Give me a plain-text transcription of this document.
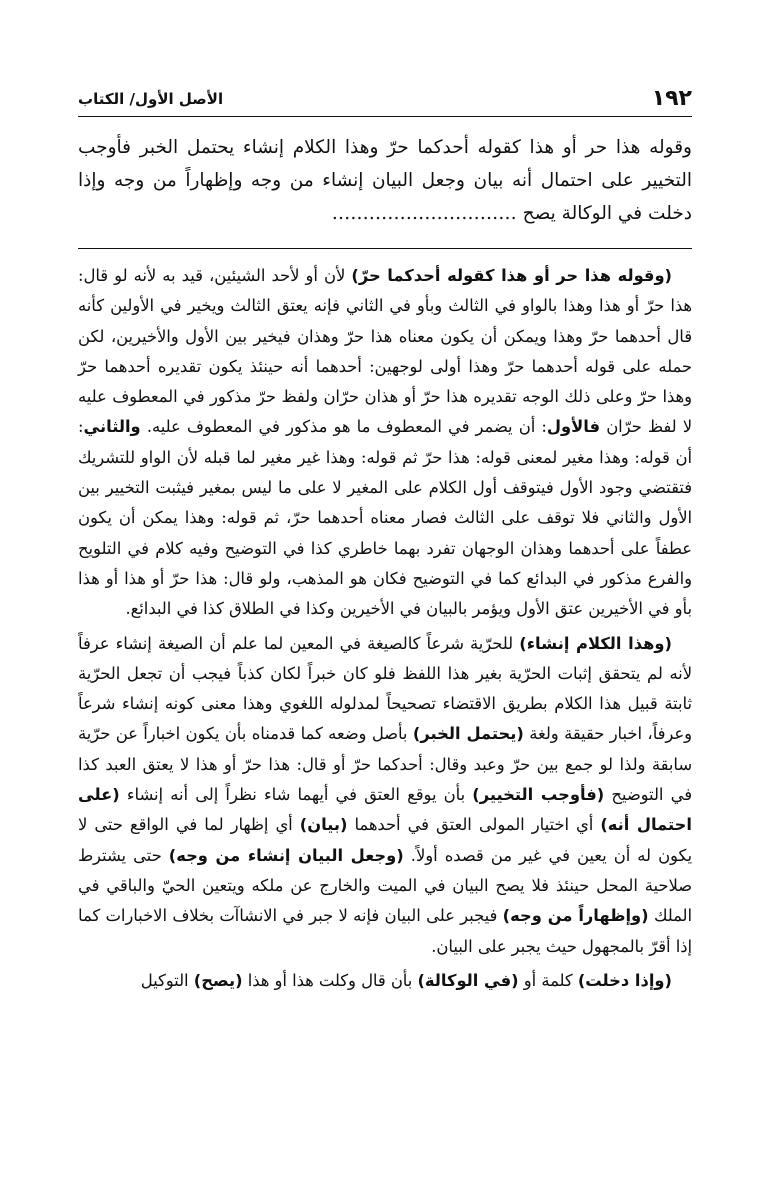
١٩٢
الأصل الأول/ الكتاب
وقوله هذا حر أو هذا كقوله أحدكما حرّ وهذا الكلام إنشاء يحتمل الخبر فأوجب التخيير على احتمال أنه بيان وجعل البيان إنشاء من وجه وإظهاراً من وجه وإذا دخلت في الوكالة يصح …………………………

(وقوله هذا حر أو هذا كقوله أحدكما حرّ) لأن أو لأحد الشيئين، قيد به لأنه لو قال: هذا حرّ أو هذا وهذا بالواو في الثالث وبأو في الثاني فإنه يعتق الثالث ويخير في الأولين كأنه قال أحدهما حرّ وهذا ويمكن أن يكون معناه هذا حرّ وهذان فيخير بين الأول والأخيرين، لكن حمله على قوله أحدهما حرّ وهذا أولى لوجهين: أحدهما أنه حينئذ يكون تقديره أحدهما حرّ وهذا حرّ وعلى ذلك الوجه تقديره هذا حرّ أو هذان حرّان ولفظ حرّ مذكور في المعطوف عليه لا لفظ حرّان فالأول: أن يضمر في المعطوف ما هو مذكور في المعطوف عليه. والثاني: أن قوله: وهذا مغير لمعنى قوله: هذا حرّ ثم قوله: وهذا غير مغير لما قبله لأن الواو للتشريك فتقتضي وجود الأول فيتوقف أول الكلام على المغير لا على ما ليس بمغير فيثبت التخيير بين الأول والثاني فلا توقف على الثالث فصار معناه أحدهما حرّ، ثم قوله: وهذا يمكن أن يكون عطفاً على أحدهما وهذان الوجهان تفرد بهما خاطري كذا في التوضيح وفيه كلام في التلويح والفرع مذكور في البدائع كما في التوضيح فكان هو المذهب، ولو قال: هذا حرّ أو هذا أو هذا بأو في الأخيرين عتق الأول ويؤمر بالبيان في الأخيرين وكذا في الطلاق كذا في البدائع.

(وهذا الكلام إنشاء) للحرّية شرعاً كالصيغة في المعين لما علم أن الصيغة إنشاء عرفاً لأنه لم يتحقق إثبات الحرّية بغير هذا اللفظ فلو كان خبراً لكان كذباً فيجب أن تجعل الحرّية ثابتة قبيل هذا الكلام بطريق الاقتضاء تصحيحاً لمدلوله اللغوي وهذا معنى كونه إنشاء شرعاً وعرفاً، اخبار حقيقة ولغة (يحتمل الخبر) بأصل وضعه كما قدمناه بأن يكون اخباراً عن حرّية سابقة ولذا لو جمع بين حرّ وعبد وقال: أحدكما حرّ أو قال: هذا حرّ أو هذا لا يعتق العبد كذا في التوضيح (فأوجب التخيير) بأن يوقع العتق في أيهما شاء نظراً إلى أنه إنشاء (على احتمال أنه) أي اختيار المولى العتق في أحدهما (بيان) أي إظهار لما في الواقع حتى لا يكون له أن يعين في غير من قصده أولاً. (وجعل البيان إنشاء من وجه) حتى يشترط صلاحية المحل حينئذ فلا يصح البيان في الميت والخارج عن ملكه ويتعين الحيّ والباقي في الملك (وإظهاراً من وجه) فيجبر على البيان فإنه لا جبر في الانشاآت بخلاف الاخبارات كما إذا أقرّ بالمجهول حيث يجبر على البيان.

(وإذا دخلت) كلمة أو (في الوكالة) بأن قال وكلت هذا أو هذا (يصح) التوكيل
